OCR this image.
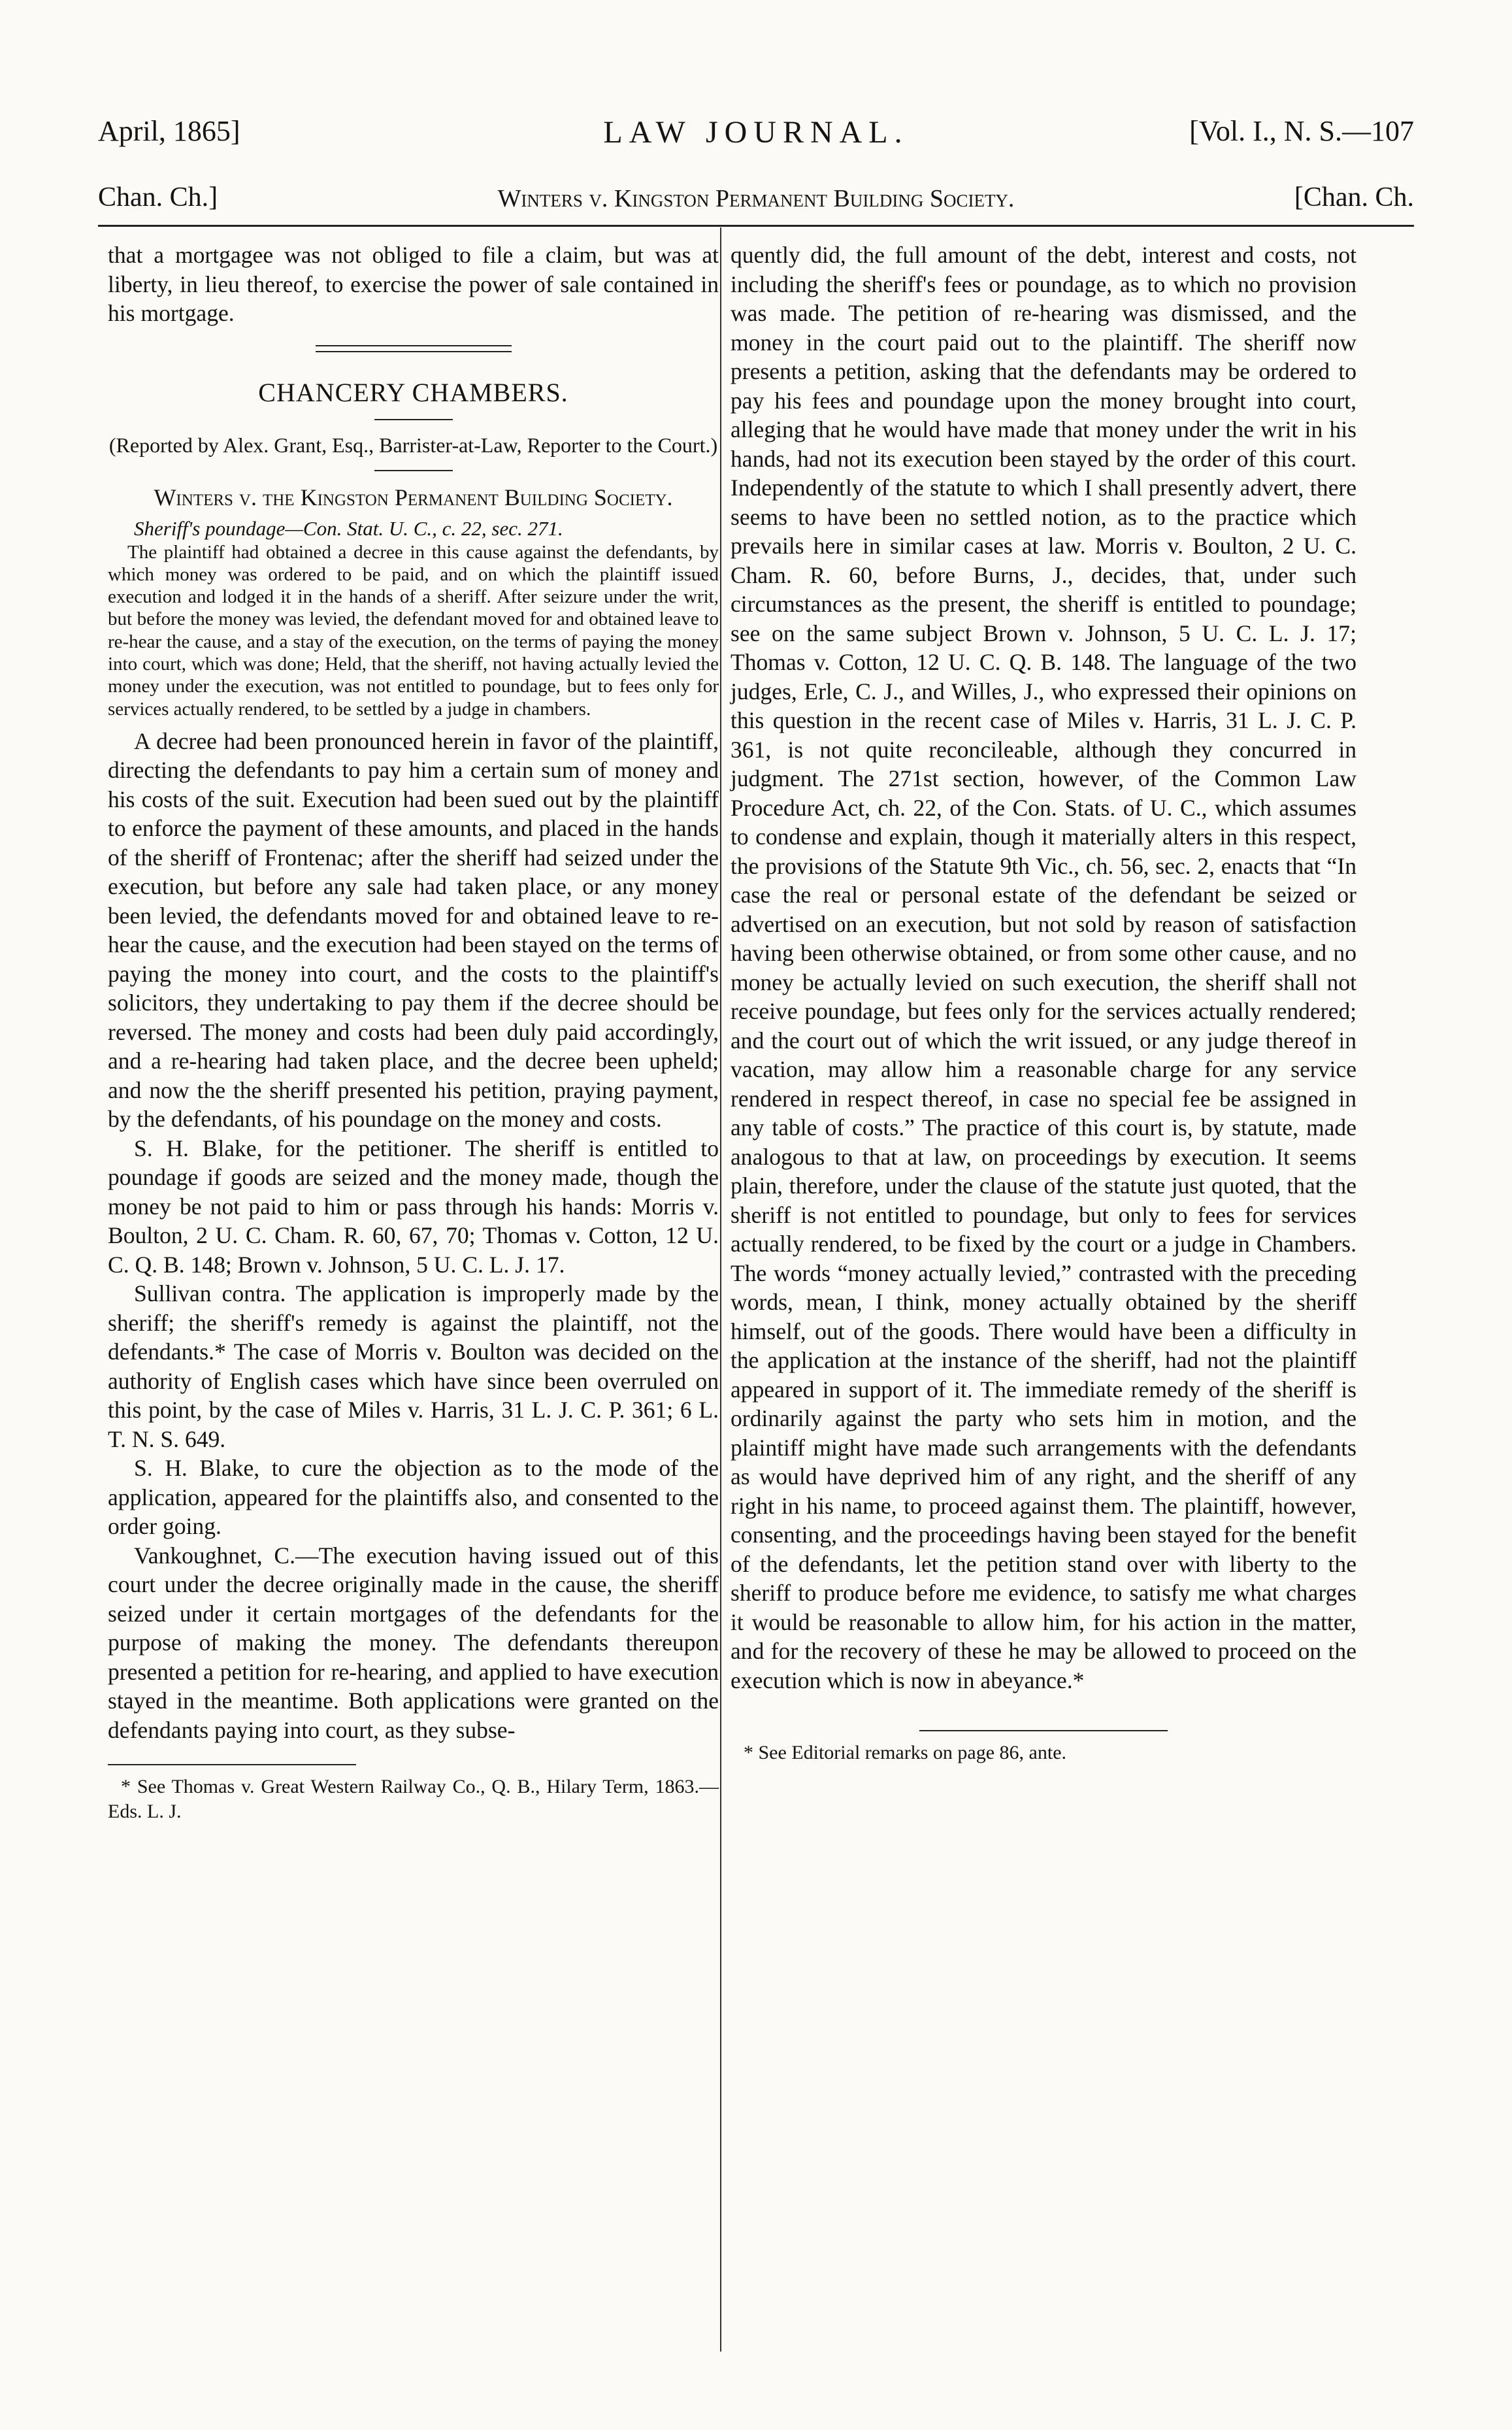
April, 1865]	LAW JOURNAL.	[Vol. I., N. S.—107
Chan. Ch.]	Winters v. Kingston Permanent Building Society.	[Chan. Ch.

that a mortgagee was not obliged to file a claim, but was at liberty, in lieu thereof, to exercise the power of sale contained in his mortgage.

CHANCERY CHAMBERS.

(Reported by Alex. Grant, Esq., Barrister-at-Law, Reporter to the Court.)

Winters v. the Kingston Permanent Building Society.

Sheriff's poundage—Con. Stat. U. C., c. 22, sec. 271.

The plaintiff had obtained a decree in this cause against the defendants, by which money was ordered to be paid, and on which the plaintiff issued execution and lodged it in the hands of a sheriff. After seizure under the writ, but before the money was levied, the defendant moved for and obtained leave to re-hear the cause, and a stay of the execution, on the terms of paying the money into court, which was done; Held, that the sheriff, not having actually levied the money under the execution, was not entitled to poundage, but to fees only for services actually rendered, to be settled by a judge in chambers.

A decree had been pronounced herein in favor of the plaintiff, directing the defendants to pay him a certain sum of money and his costs of the suit. Execution had been sued out by the plaintiff to enforce the payment of these amounts, and placed in the hands of the sheriff of Frontenac; after the sheriff had seized under the execution, but before any sale had taken place, or any money been levied, the defendants moved for and obtained leave to re-hear the cause, and the execution had been stayed on the terms of paying the money into court, and the costs to the plaintiff's solicitors, they undertaking to pay them if the decree should be reversed. The money and costs had been duly paid accordingly, and a re-hearing had taken place, and the decree been upheld; and now the the sheriff presented his petition, praying payment, by the defendants, of his poundage on the money and costs.

S. H. Blake, for the petitioner. The sheriff is entitled to poundage if goods are seized and the money made, though the money be not paid to him or pass through his hands: Morris v. Boulton, 2 U. C. Cham. R. 60, 67, 70; Thomas v. Cotton, 12 U. C. Q. B. 148; Brown v. Johnson, 5 U. C. L. J. 17.

Sullivan contra. The application is improperly made by the sheriff; the sheriff's remedy is against the plaintiff, not the defendants.* The case of Morris v. Boulton was decided on the authority of English cases which have since been overruled on this point, by the case of Miles v. Harris, 31 L. J. C. P. 361; 6 L. T. N. S. 649.

S. H. Blake, to cure the objection as to the mode of the application, appeared for the plaintiffs also, and consented to the order going.

Vankoughnet, C.—The execution having issued out of this court under the decree originally made in the cause, the sheriff seized under it certain mortgages of the defendants for the purpose of making the money. The defendants thereupon presented a petition for re-hearing, and applied to have execution stayed in the meantime. Both applications were granted on the defendants paying into court, as they subse-

* See Thomas v. Great Western Railway Co., Q. B., Hilary Term, 1863.—Eds. L. J.

quently did, the full amount of the debt, interest and costs, not including the sheriff's fees or poundage, as to which no provision was made. The petition of re-hearing was dismissed, and the money in the court paid out to the plaintiff. The sheriff now presents a petition, asking that the defendants may be ordered to pay his fees and poundage upon the money brought into court, alleging that he would have made that money under the writ in his hands, had not its execution been stayed by the order of this court. Independently of the statute to which I shall presently advert, there seems to have been no settled notion, as to the practice which prevails here in similar cases at law. Morris v. Boulton, 2 U. C. Cham. R. 60, before Burns, J., decides, that, under such circumstances as the present, the sheriff is entitled to poundage; see on the same subject Brown v. Johnson, 5 U. C. L. J. 17; Thomas v. Cotton, 12 U. C. Q. B. 148. The language of the two judges, Erle, C. J., and Willes, J., who expressed their opinions on this question in the recent case of Miles v. Harris, 31 L. J. C. P. 361, is not quite reconcileable, although they concurred in judgment. The 271st section, however, of the Common Law Procedure Act, ch. 22, of the Con. Stats. of U. C., which assumes to condense and explain, though it materially alters in this respect, the provisions of the Statute 9th Vic., ch. 56, sec. 2, enacts that “In case the real or personal estate of the defendant be seized or advertised on an execution, but not sold by reason of satisfaction having been otherwise obtained, or from some other cause, and no money be actually levied on such execution, the sheriff shall not receive poundage, but fees only for the services actually rendered; and the court out of which the writ issued, or any judge thereof in vacation, may allow him a reasonable charge for any service rendered in respect thereof, in case no special fee be assigned in any table of costs.” The practice of this court is, by statute, made analogous to that at law, on proceedings by execution. It seems plain, therefore, under the clause of the statute just quoted, that the sheriff is not entitled to poundage, but only to fees for services actually rendered, to be fixed by the court or a judge in Chambers. The words “money actually levied,” contrasted with the preceding words, mean, I think, money actually obtained by the sheriff himself, out of the goods. There would have been a difficulty in the application at the instance of the sheriff, had not the plaintiff appeared in support of it. The immediate remedy of the sheriff is ordinarily against the party who sets him in motion, and the plaintiff might have made such arrangements with the defendants as would have deprived him of any right, and the sheriff of any right in his name, to proceed against them. The plaintiff, however, consenting, and the proceedings having been stayed for the benefit of the defendants, let the petition stand over with liberty to the sheriff to produce before me evidence, to satisfy me what charges it would be reasonable to allow him, for his action in the matter, and for the recovery of these he may be allowed to proceed on the execution which is now in abeyance.*

* See Editorial remarks on page 86, ante.
